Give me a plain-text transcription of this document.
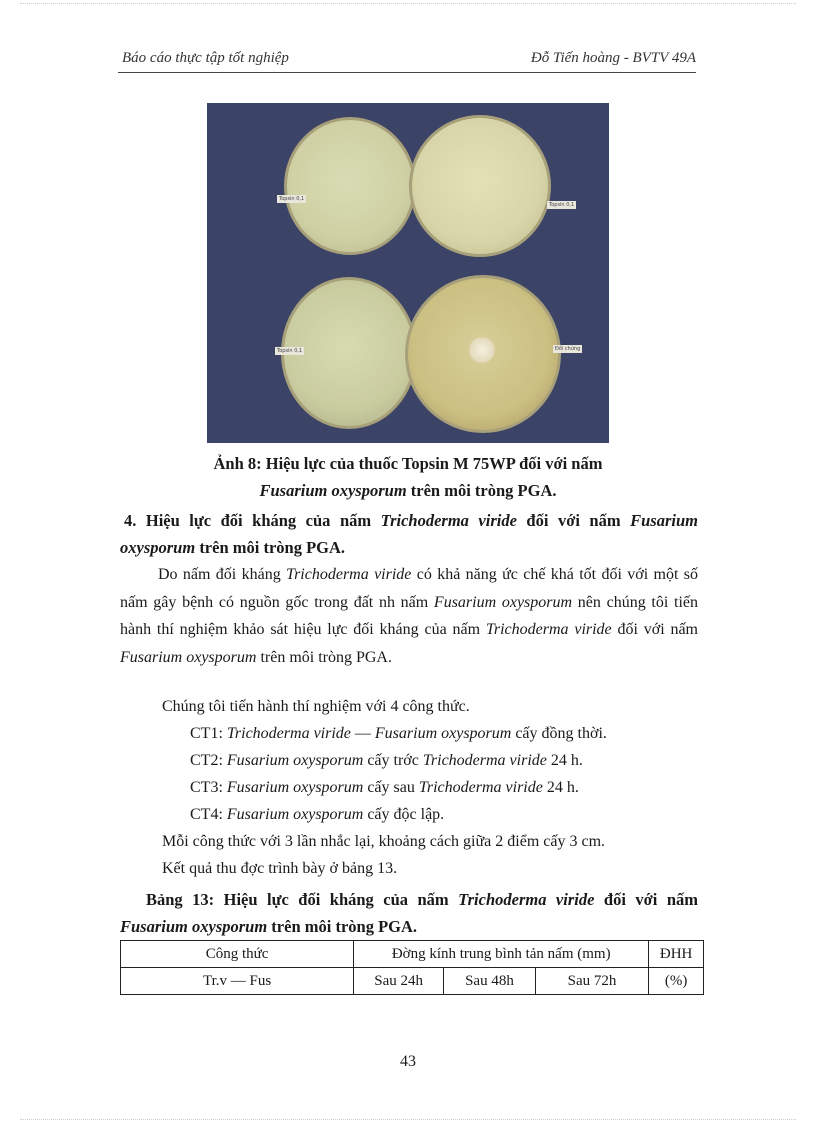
Báo cáo thực tập tốt nghiệp	Đỗ Tiến hoàng - BVTV 49A
Topsin 0,1
Topsin 0,1
Topsin 0,1	Đối chứng
Ảnh 8: Hiệu lực của thuốc Topsin M 75WP đối với nấm
Fusarium oxysporum trên môi tròng PGA.
4. Hiệu lực đối kháng của nấm Trichoderma viride đối với nấm Fusarium oxysporum trên môi tròng PGA.
Do nấm đối kháng Trichoderma viride có khả năng ức chế khá tốt đối với một số nấm gây bệnh có nguồn gốc trong đất nh nấm Fusarium oxysporum nên chúng tôi tiến hành thí nghiệm khảo sát hiệu lực đối kháng của nấm Trichoderma viride đối với nấm Fusarium oxysporum trên môi tròng PGA.
Chúng tôi tiến hành thí nghiệm với 4 công thức.
CT1: Trichoderma viride — Fusarium oxysporum cấy đồng thời.
CT2: Fusarium oxysporum cấy trớc Trichoderma viride 24 h.
CT3: Fusarium oxysporum cấy sau Trichoderma viride 24 h.
CT4: Fusarium oxysporum cấy độc lập.
Mỗi công thức với 3 lần nhắc lại, khoảng cách giữa 2 điểm cấy 3 cm.
Kết quả thu đợc trình bày ở bảng 13.
Bảng 13: Hiệu lực đối kháng của nấm Trichoderma viride đối với nấm Fusarium oxysporum trên môi tròng PGA.
Công thức	Đờng kính trung bình tản nấm (mm)			ĐHH
Tr.v — Fus	Sau 24h	Sau 48h	Sau 72h	(%)
43
